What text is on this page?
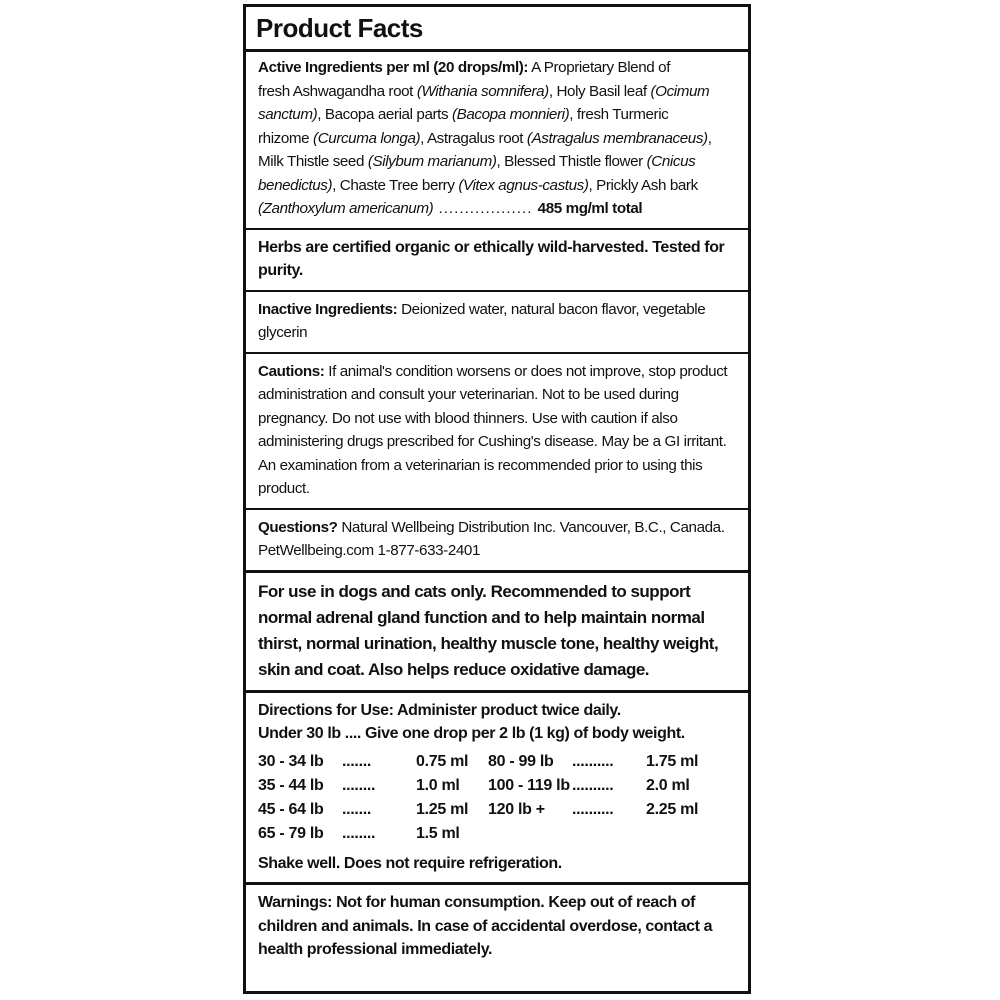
Product Facts
Active Ingredients per ml (20 drops/ml): A Proprietary Blend of
fresh Ashwagandha root (Withania somnifera), Holy Basil leaf (Ocimum
sanctum), Bacopa aerial parts (Bacopa monnieri), fresh Turmeric
rhizome (Curcuma longa), Astragalus root (Astragalus membranaceus),
Milk Thistle seed (Silybum marianum), Blessed Thistle flower (Cnicus
benedictus), Chaste Tree berry (Vitex agnus-castus), Prickly Ash bark
(Zanthoxylum americanum) .................. 485 mg/ml total
Herbs are certified organic or ethically wild-harvested. Tested for purity.
Inactive Ingredients: Deionized water, natural bacon flavor, vegetable glycerin
Cautions: If animal's condition worsens or does not improve, stop product administration and consult your veterinarian. Not to be used during pregnancy. Do not use with blood thinners. Use with caution if also administering drugs prescribed for Cushing's disease. May be a GI irritant. An examination from a veterinarian is recommended prior to using this product.
Questions? Natural Wellbeing Distribution Inc. Vancouver, B.C., Canada.
PetWellbeing.com 1-877-633-2401
For use in dogs and cats only. Recommended to support normal adrenal gland function and to help maintain normal thirst, normal urination, healthy muscle tone, healthy weight, skin and coat. Also helps reduce oxidative damage.
Directions for Use: Administer product twice daily.
Under 30 lb .... Give one drop per 2 lb (1 kg) of body weight.
30 - 34 lb .......	0.75 ml
35 - 44 lb ........	1.0 ml
45 - 64 lb .......	1.25 ml
65 - 79 lb ........	1.5 ml
80 - 99 lb .......... 1.75 ml
100 - 119 lb .......... 2.0 ml
120 lb + .......... 2.25 ml
Shake well. Does not require refrigeration.
Warnings: Not for human consumption. Keep out of reach of children and animals. In case of accidental overdose, contact a health professional immediately.
